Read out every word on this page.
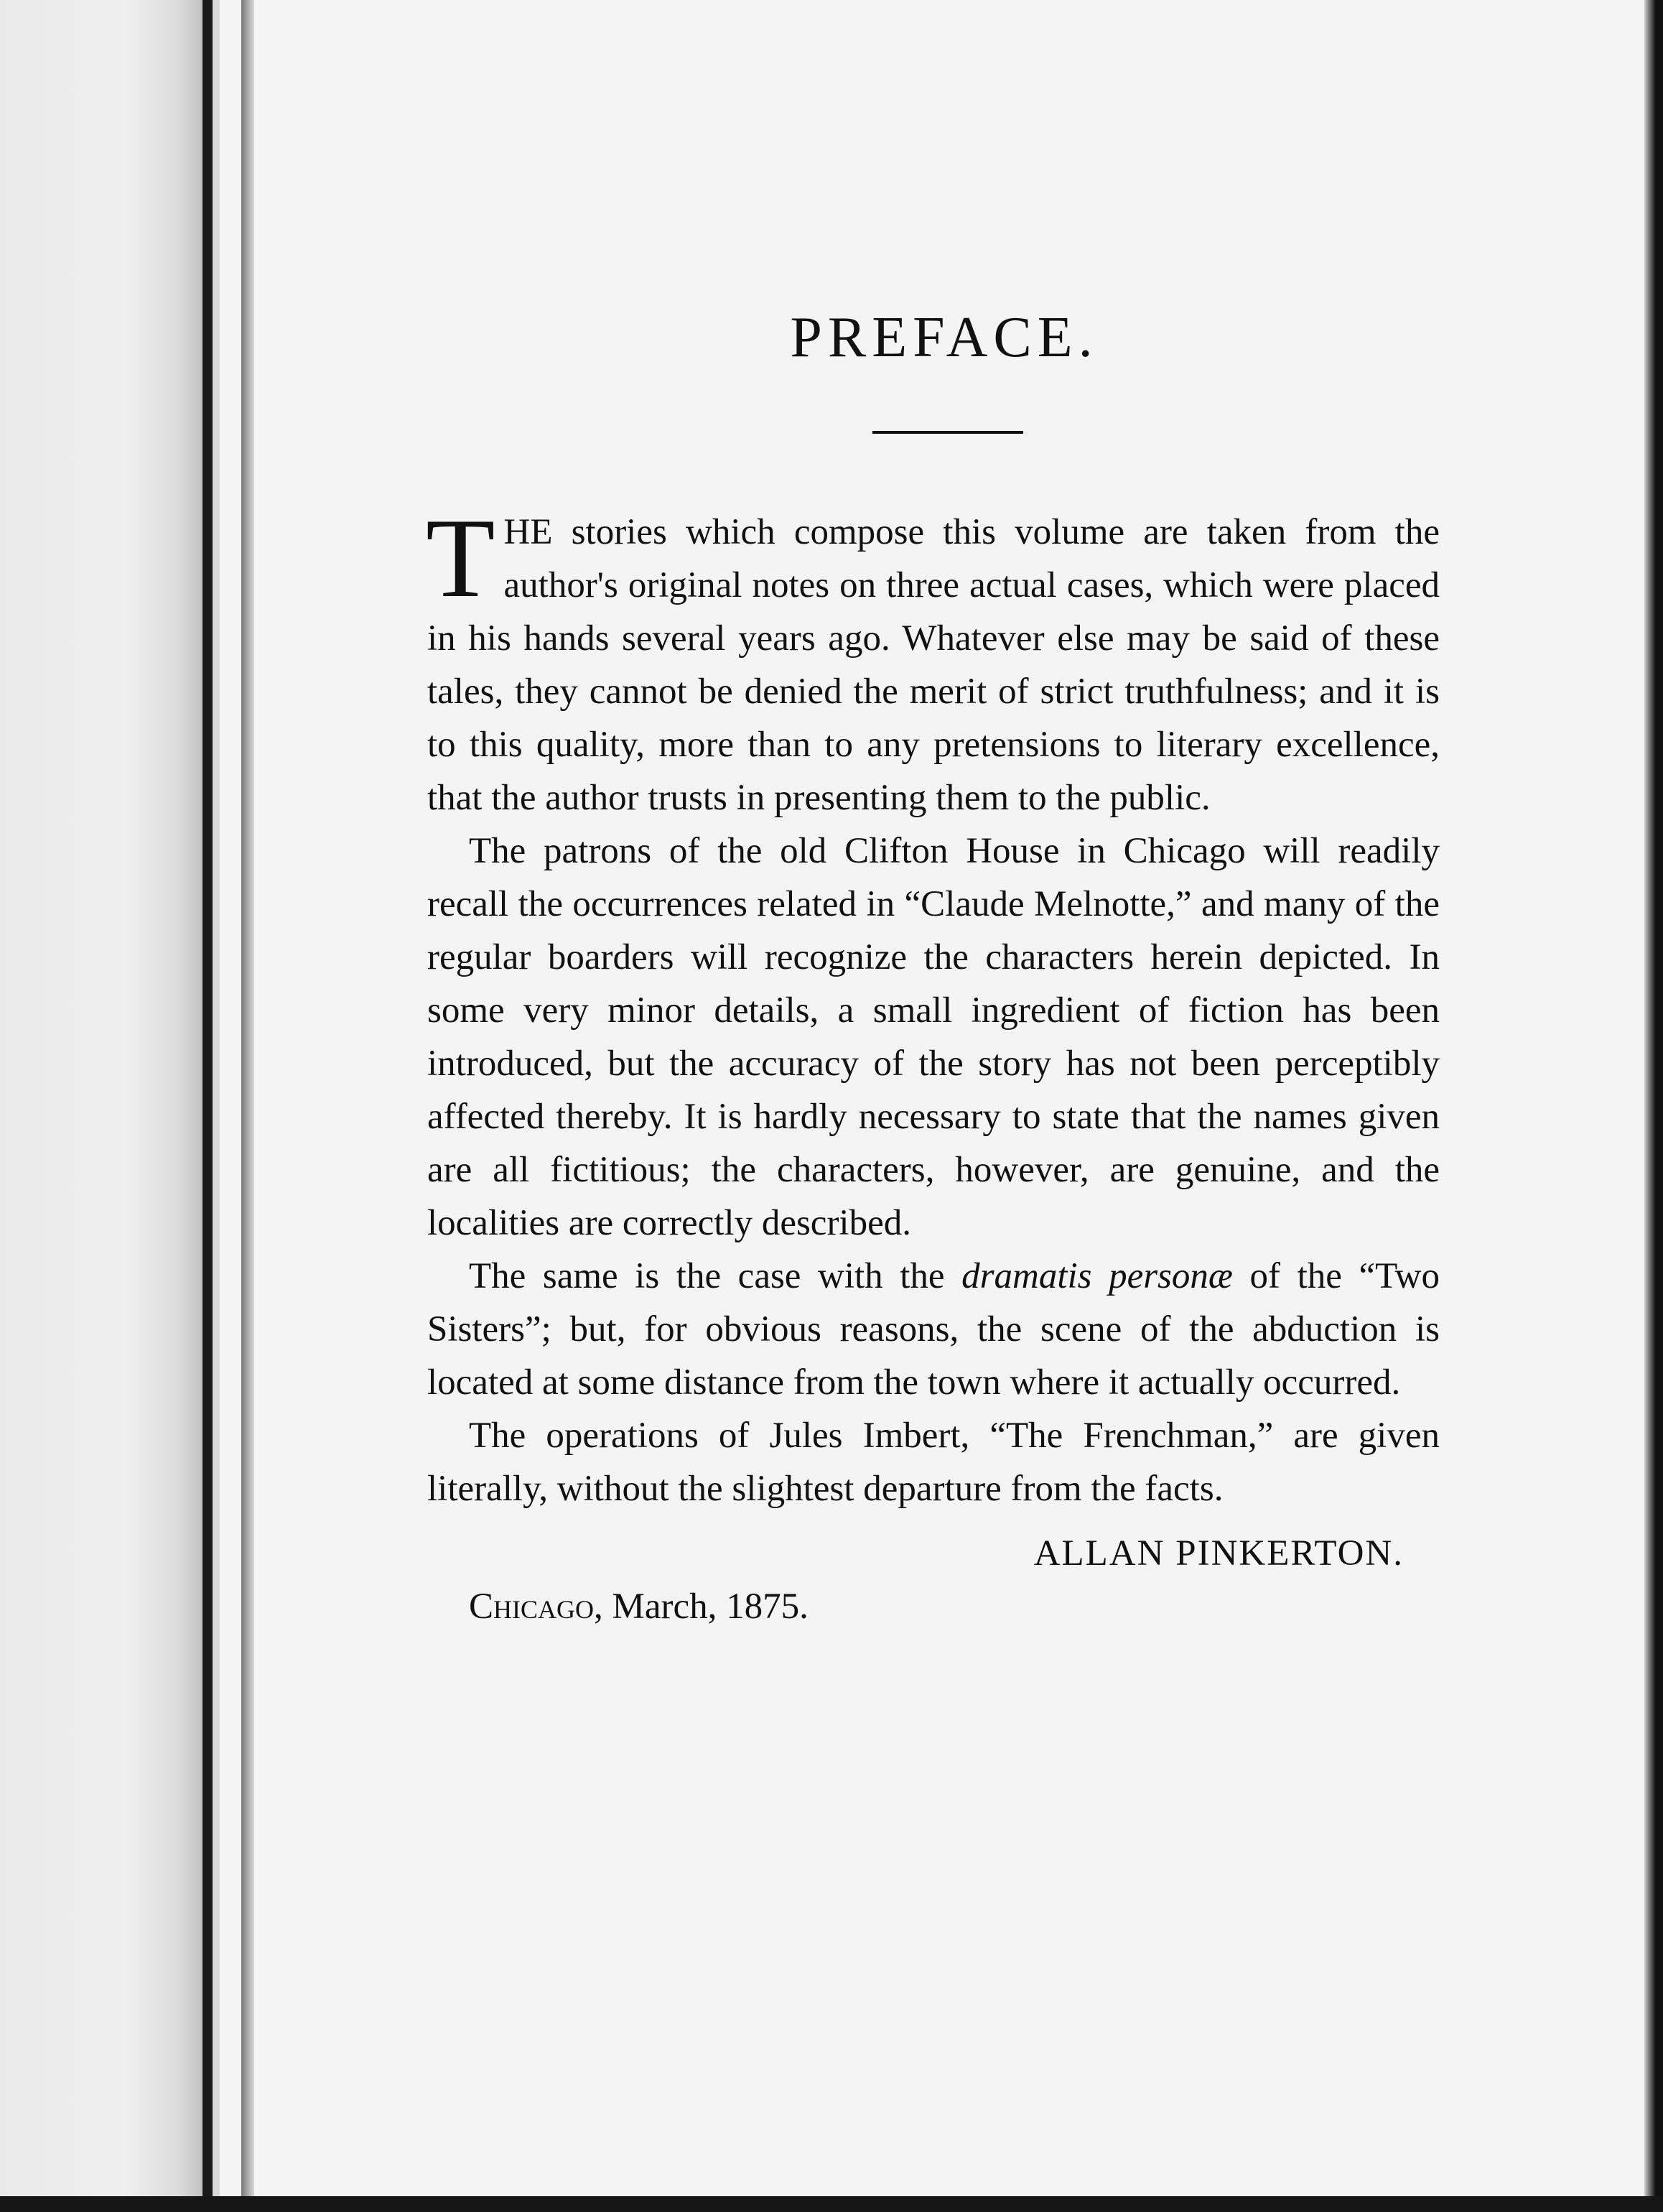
PREFACE.

THE stories which compose this volume are taken from the author's original notes on three actual cases, which were placed in his hands several years ago. Whatever else may be said of these tales, they cannot be denied the merit of strict truthfulness; and it is to this quality, more than to any pretensions to literary excellence, that the author trusts in presenting them to the public.

The patrons of the old Clifton House in Chicago will readily recall the occurrences related in “Claude Melnotte,” and many of the regular boarders will recognize the characters herein depicted. In some very minor details, a small ingredient of fiction has been introduced, but the accuracy of the story has not been perceptibly affected thereby. It is hardly necessary to state that the names given are all fictitious; the characters, however, are genuine, and the localities are correctly described.

The same is the case with the dramatis personæ of the “Two Sisters”; but, for obvious reasons, the scene of the abduction is located at some distance from the town where it actually occurred.

The operations of Jules Imbert, “The Frenchman,” are given literally, without the slightest departure from the facts.

ALLAN PINKERTON.
Chicago, March, 1875.
